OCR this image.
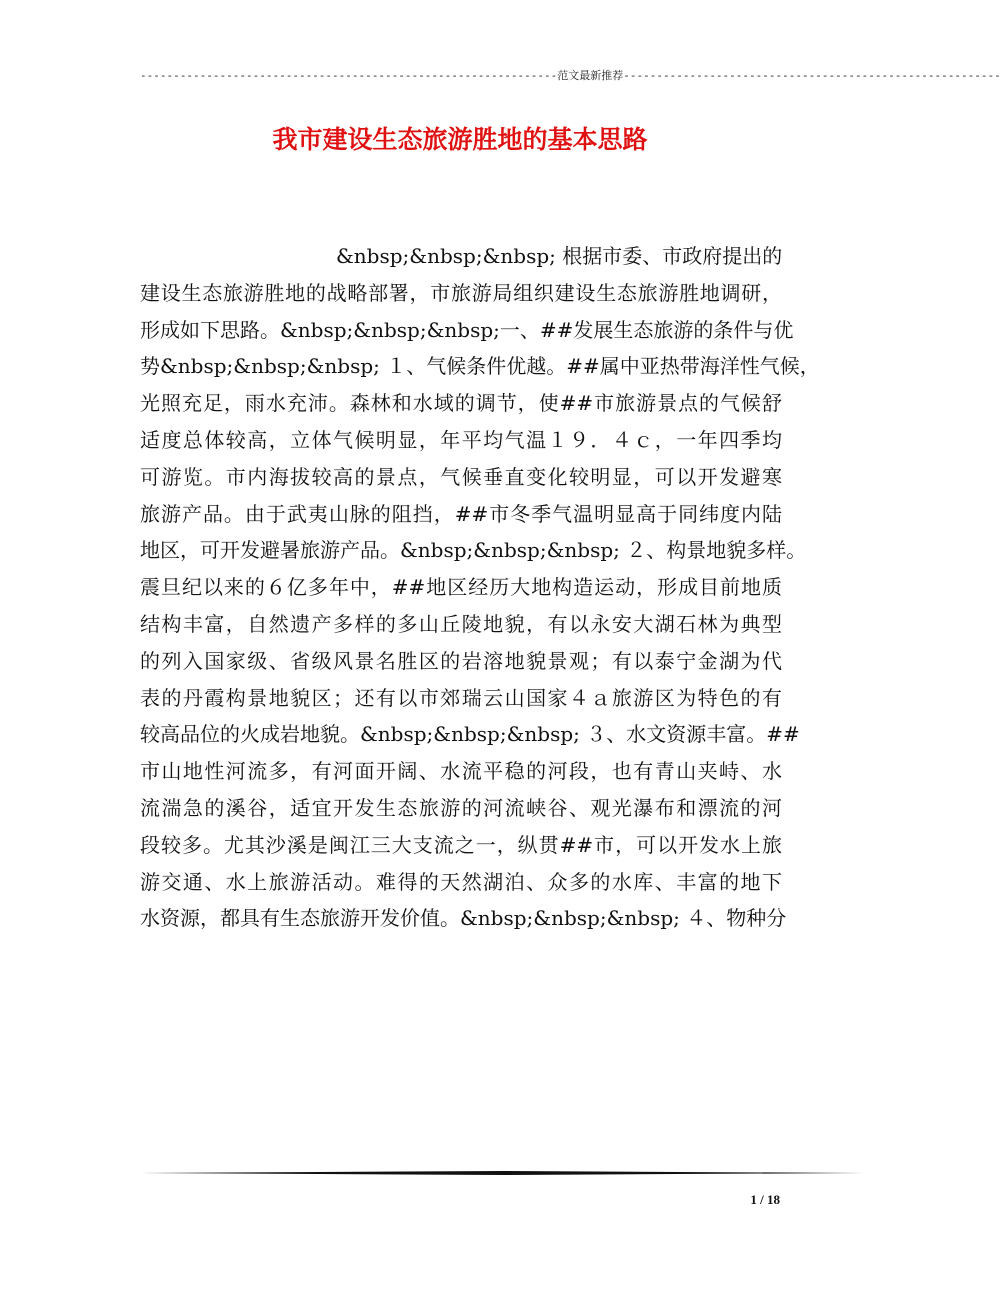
---------------------------------------------------------------范文最新推荐---------------------------------------------------------
我市建设生态旅游胜地的基本思路
&nbsp;&nbsp;&nbsp; 根据市委、市政府提出的
建设生态旅游胜地的战略部署，市旅游局组织建设生态旅游胜地调研，
形成如下思路。&nbsp;&nbsp;&nbsp;一、##发展生态旅游的条件与优
势&nbsp;&nbsp;&nbsp; １、气候条件优越。##属中亚热带海洋性气候，
光照充足，雨水充沛。森林和水域的调节，使##市旅游景点的气候舒
适度总体较高，立体气候明显，年平均气温１９．４ｃ，一年四季均
可游览。市内海拔较高的景点，气候垂直变化较明显，可以开发避寒
旅游产品。由于武夷山脉的阻挡，##市冬季气温明显高于同纬度内陆
地区，可开发避暑旅游产品。&nbsp;&nbsp;&nbsp; ２、构景地貌多样。
震旦纪以来的６亿多年中，##地区经历大地构造运动，形成目前地质
结构丰富，自然遗产多样的多山丘陵地貌，有以永安大湖石林为典型
的列入国家级、省级风景名胜区的岩溶地貌景观；有以泰宁金湖为代
表的丹霞构景地貌区；还有以市郊瑞云山国家４ａ旅游区为特色的有
较高品位的火成岩地貌。&nbsp;&nbsp;&nbsp; ３、水文资源丰富。##
市山地性河流多，有河面开阔、水流平稳的河段，也有青山夹峙、水
流湍急的溪谷，适宜开发生态旅游的河流峡谷、观光瀑布和漂流的河
段较多。尤其沙溪是闽江三大支流之一，纵贯##市，可以开发水上旅
游交通、水上旅游活动。难得的天然湖泊、众多的水库、丰富的地下
水资源，都具有生态旅游开发价值。&nbsp;&nbsp;&nbsp; ４、物种分
1 / 18
